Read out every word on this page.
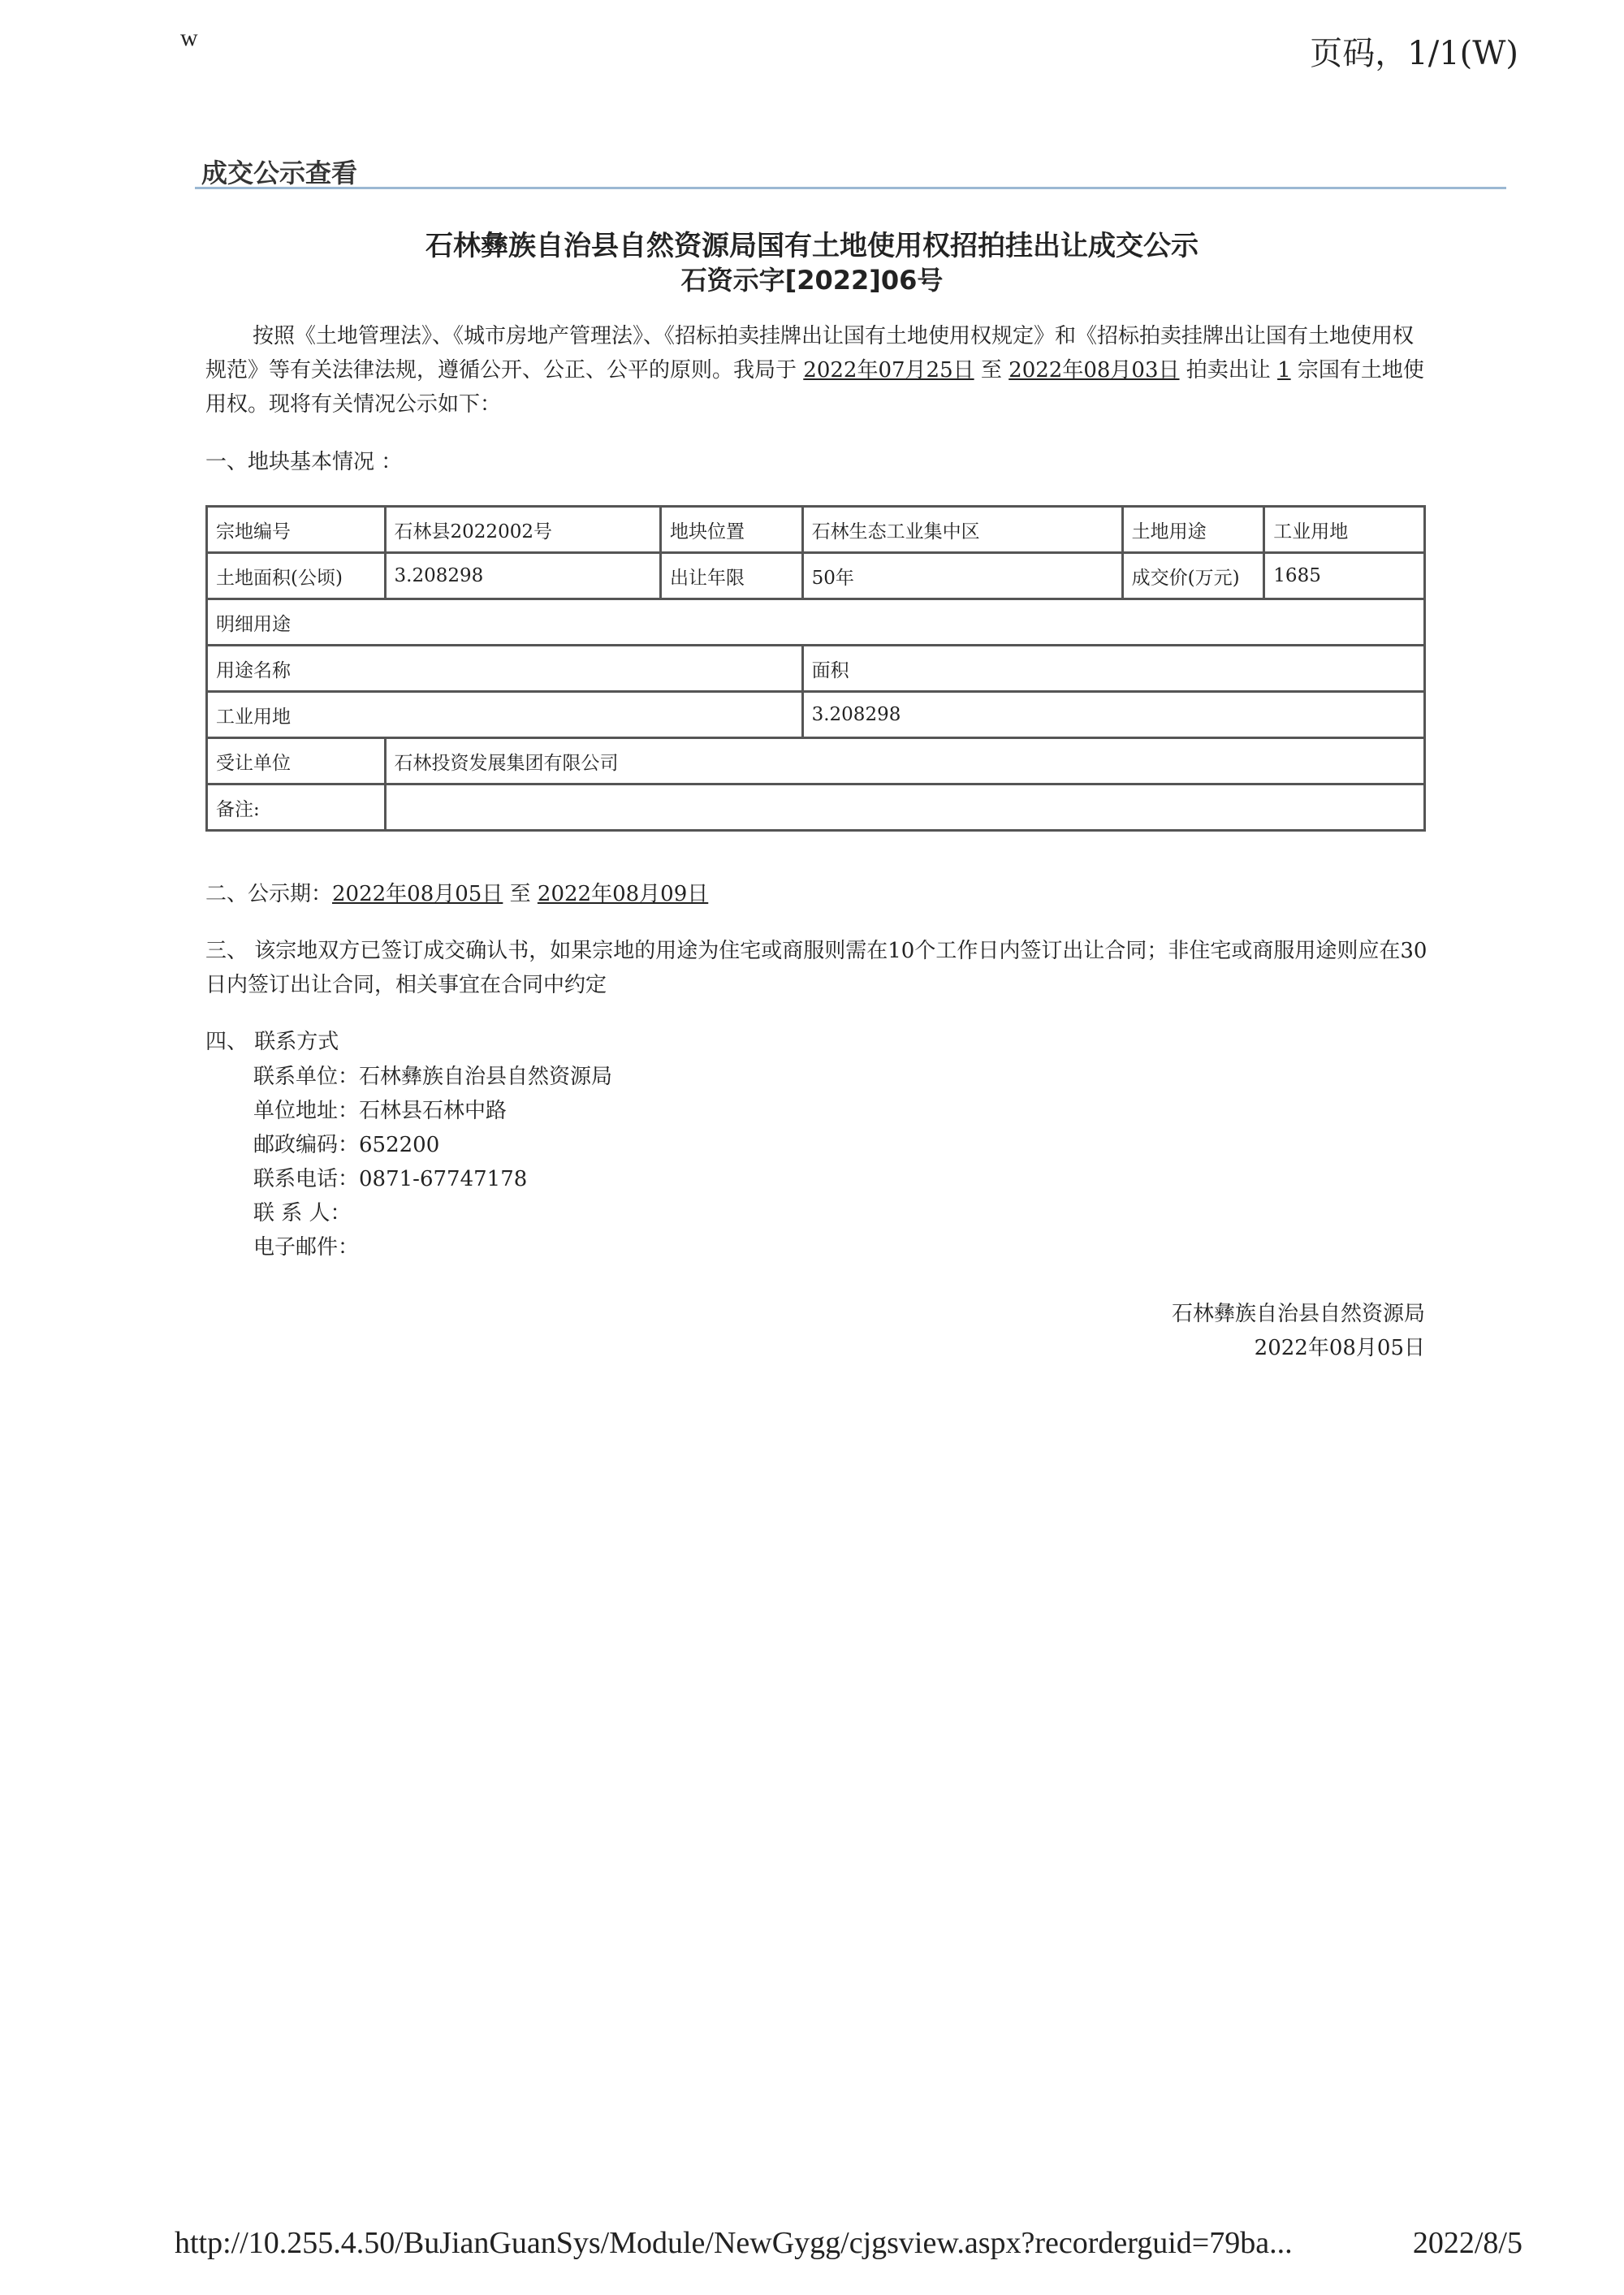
w	页码，1/1(W)
成交公示查看
石林彝族自治县自然资源局国有土地使用权招拍挂出让成交公示
石资示字[2022]06号
按照《土地管理法》、《城市房地产管理法》、《招标拍卖挂牌出让国有土地使用权规定》和《招标拍卖挂牌出让国有土地使用权规范》等有关法律法规，遵循公开、公正、公平的原则。我局于 2022年07月25日 至 2022年08月03日 拍卖出让 1 宗国有土地使用权。现将有关情况公示如下：
一、地块基本情况 ：
宗地编号	石林县2022002号	地块位置	石林生态工业集中区	土地用途	工业用地
土地面积(公顷)	3.208298	出让年限	50年	成交价(万元)	1685
明细用途					
用途名称			面积		
工业用地			3.208298		
受让单位	石林投资发展集团有限公司				
备注:					
二、公示期：2022年08月05日 至 2022年08月09日
三、 该宗地双方已签订成交确认书，如果宗地的用途为住宅或商服则需在10个工作日内签订出让合同；非住宅或商服用途则应在30日内签订出让合同，相关事宜在合同中约定
四、 联系方式
联系单位：石林彝族自治县自然资源局
单位地址：石林县石林中路
邮政编码：652200
联系电话：0871-67747178
联 系 人：
电子邮件：
石林彝族自治县自然资源局
2022年08月05日
http://10.255.4.50/BuJianGuanSys/Module/NewGygg/cjgsview.aspx?recorderguid=79ba...	2022/8/5
